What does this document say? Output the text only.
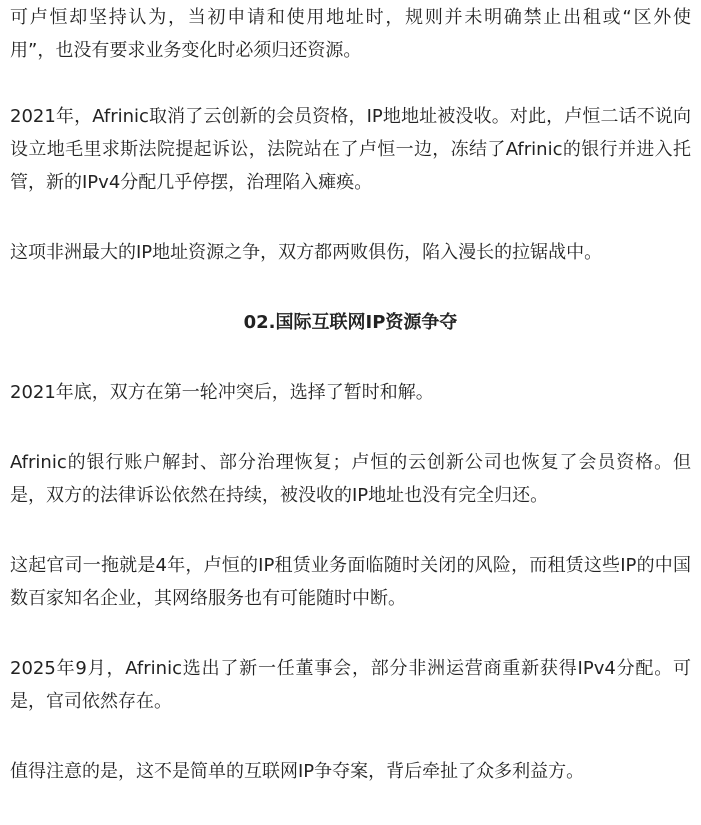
可卢恒却坚持认为，当初申请和使用地址时，规则并未明确禁止出租或“区外使
用”，也没有要求业务变化时必须归还资源。

2021年，Afrinic取消了云创新的会员资格，IP地地址被没收。对此，卢恒二话不说向
设立地毛里求斯法院提起诉讼，法院站在了卢恒一边，冻结了Afrinic的银行并进入托
管，新的IPv4分配几乎停摆，治理陷入瘫痪。

这项非洲最大的IP地址资源之争，双方都两败俱伤，陷入漫长的拉锯战中。

02.国际互联网IP资源争夺

2021年底，双方在第一轮冲突后，选择了暂时和解。

Afrinic的银行账户解封、部分治理恢复；卢恒的云创新公司也恢复了会员资格。但
是，双方的法律诉讼依然在持续，被没收的IP地址也没有完全归还。

这起官司一拖就是4年，卢恒的IP租赁业务面临随时关闭的风险，而租赁这些IP的中国
数百家知名企业，其网络服务也有可能随时中断。

2025年9月，Afrinic选出了新一任董事会，部分非洲运营商重新获得IPv4分配。可
是，官司依然存在。

值得注意的是，这不是简单的互联网IP争夺案，背后牵扯了众多利益方。
